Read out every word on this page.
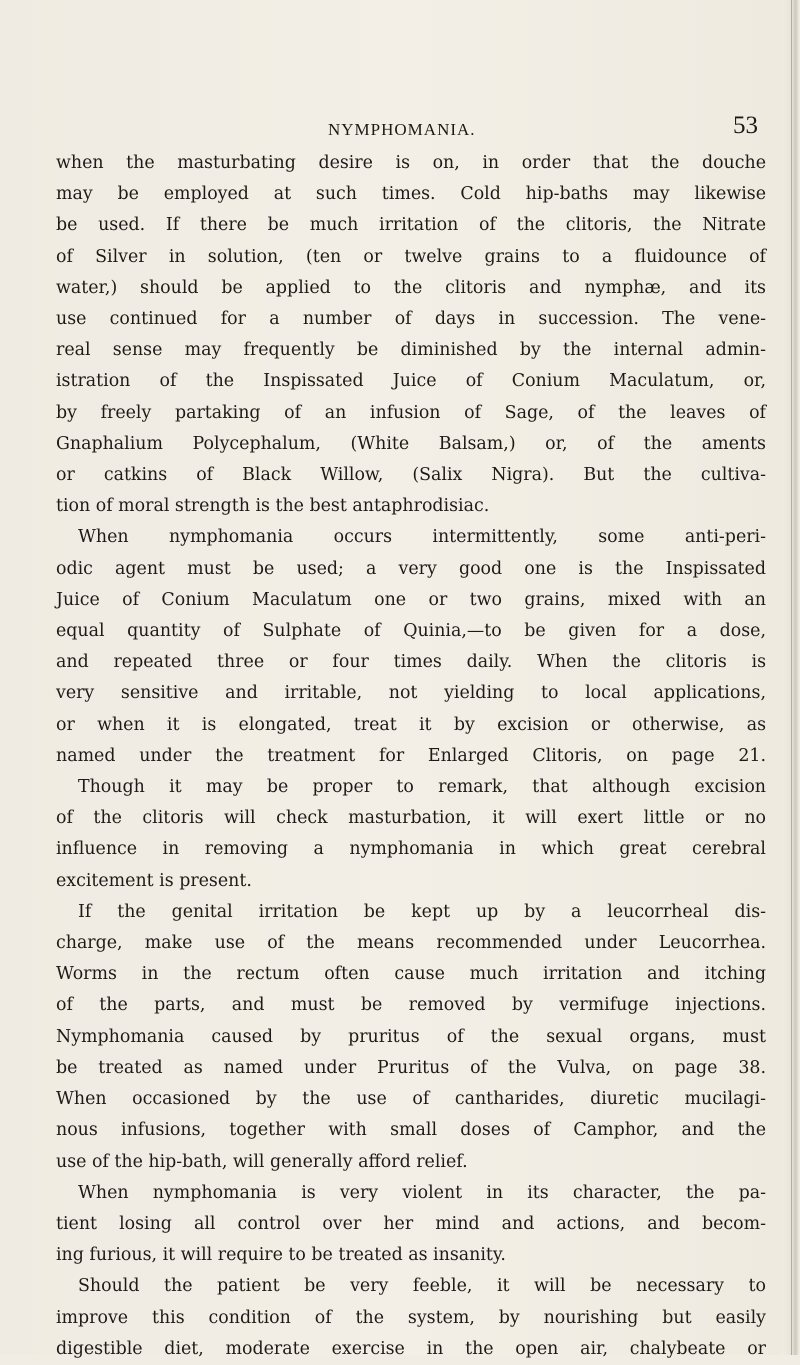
NYMPHOMANIA.	53
when the masturbating desire is on, in order that the douche
may be employed at such times. Cold hip-baths may likewise
be used. If there be much irritation of the clitoris, the Nitrate
of Silver in solution, (ten or twelve grains to a fluidounce of
water,) should be applied to the clitoris and nymphæ, and its
use continued for a number of days in succession. The vene-
real sense may frequently be diminished by the internal admin-
istration of the Inspissated Juice of Conium Maculatum, or,
by freely partaking of an infusion of Sage, of the leaves of
Gnaphalium Polycephalum, (White Balsam,) or, of the aments
or catkins of Black Willow, (Salix Nigra). But the cultiva-
tion of moral strength is the best antaphrodisiac.
When nymphomania occurs intermittently, some anti-peri-
odic agent must be used; a very good one is the Inspissated
Juice of Conium Maculatum one or two grains, mixed with an
equal quantity of Sulphate of Quinia,—to be given for a dose,
and repeated three or four times daily. When the clitoris is
very sensitive and irritable, not yielding to local applications,
or when it is elongated, treat it by excision or otherwise, as
named under the treatment for Enlarged Clitoris, on page 21.
Though it may be proper to remark, that although excision
of the clitoris will check masturbation, it will exert little or no
influence in removing a nymphomania in which great cerebral
excitement is present.
If the genital irritation be kept up by a leucorrheal dis-
charge, make use of the means recommended under Leucorrhea.
Worms in the rectum often cause much irritation and itching
of the parts, and must be removed by vermifuge injections.
Nymphomania caused by pruritus of the sexual organs, must
be treated as named under Pruritus of the Vulva, on page 38.
When occasioned by the use of cantharides, diuretic mucilagi-
nous infusions, together with small doses of Camphor, and the
use of the hip-bath, will generally afford relief.
When nymphomania is very violent in its character, the pa-
tient losing all control over her mind and actions, and becom-
ing furious, it will require to be treated as insanity.
Should the patient be very feeble, it will be necessary to
improve this condition of the system, by nourishing but easily
digestible diet, moderate exercise in the open air, chalybeate or
